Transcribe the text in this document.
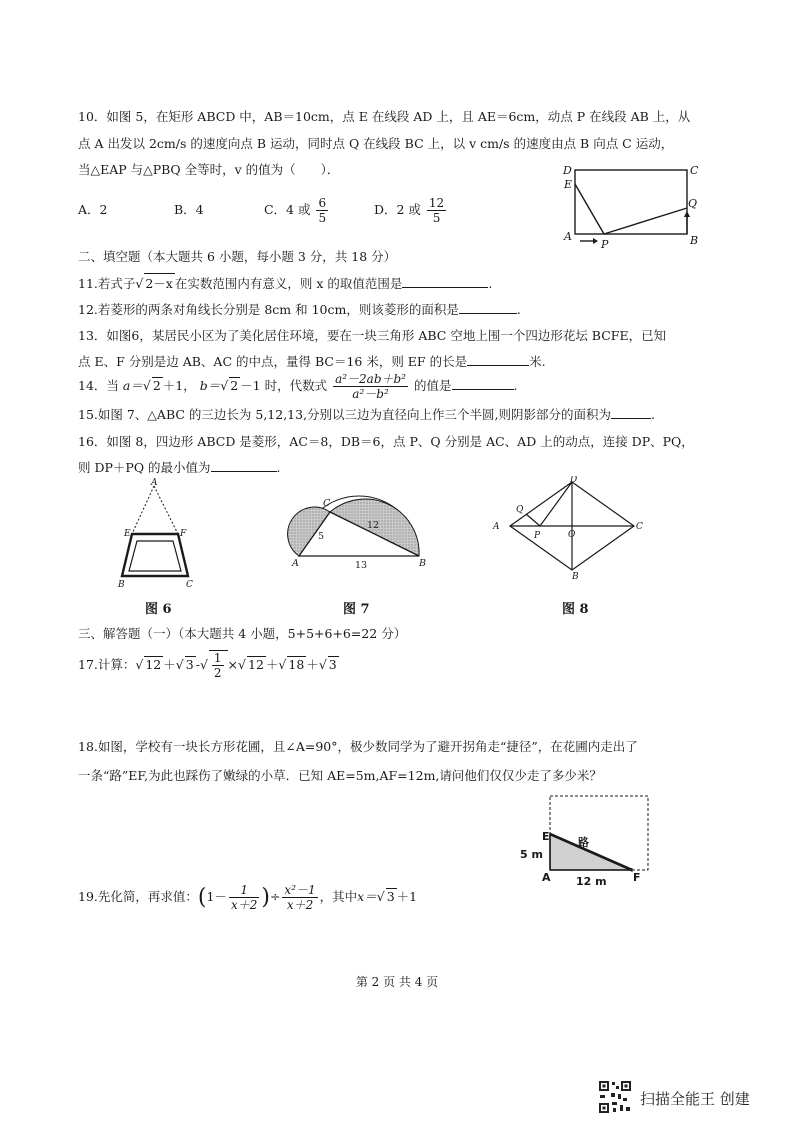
10．如图 5，在矩形 ABCD 中，AB＝10cm，点 E 在线段 AD 上，且 AE＝6cm，动点 P 在线段 AB 上，从
点 A 出发以 2cm/s 的速度向点 B 运动，同时点 Q 在线段 BC 上，以 v cm/s 的速度由点 B 向点 C 运动，
当△EAP 与△PBQ 全等时，v 的值为（　　）．
A．2	B．4	C．4 或 $\frac{6}{5}$	D．2 或 $\frac{12}{5}$
D	C
E
Q
A
P	B
二、填空题（本大题共 6 小题，每小题 3 分，共 18 分）
11.若式子 √ 2－x 在实数范围内有意义，则 x 的取值范围是	.
12.若菱形的两条对角线长分别是 8cm 和 10cm，则该菱形的面积是	.
13．如图6，某居民小区为了美化居住环境，要在一块三角形 ABC 空地上围一个四边形花坛 BCFE，已知
点 E、F 分别是边 AB、AC 的中点，量得 BC＝16 米，则 EF 的长是	米.
14．当 a＝ √ 2 ＋1， b＝ √ 2 －1 时，代数式 $\frac{\text{a²－2ab＋b²}}{\text{a²－b²}}$ 的值是	.
15.如图 7、△ABC 的三边长为 5,12,13,分别以三边为直径向上作三个半圆,则阴影部分的面积为	.
16．如图 8，四边形 ABCD 是菱形，AC＝8，DB＝6，点 P、Q 分别是 AC、AD 上的动点，连接 DP、PQ，
则 DP＋PQ 的最小值为	.
A
E	F
B	C
图 6
C
A	B
5
12
13
图 7
D
Q
A
P	O
C
B
图 8
三、解答题（一）（本大题共 4 小题，5+5+6+6=22 分）
17.计算： √ 12 ＋ √ 3 - √ $\frac{1}{2}$ × √ 12 ＋ √ 18 ＋ √ 3
18.如图，学校有一块长方形花圃，且∠A=90°，极少数同学为了避开拐角走“捷径”，在花圃内走出了
一条“路”EF,为此也踩伤了嫩绿的小草．已知 AE=5m,AF=12m,请问他们仅仅少走了多少米？
E
A	F
路
5 m
12 m
19.先化简，再求值：($1- \frac{1}{x+2}$ )÷ $\frac{\text{x²－1}}{x+2}$ ，其中x＝ √ 3 ＋1
第 2 页 共 4 页
扫描全能王 创建
